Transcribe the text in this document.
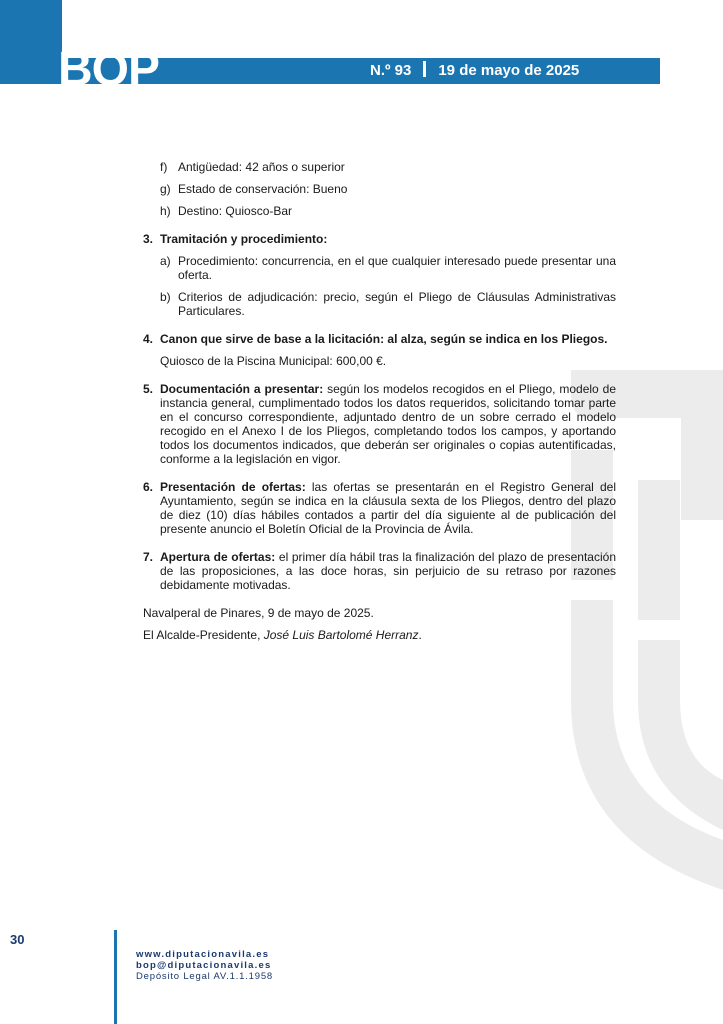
BOP	N.º 93 19 de mayo de 2025
f) Antigüedad: 42 años o superior
g) Estado de conservación: Bueno
h) Destino: Quiosco-Bar
3. Tramitación y procedimiento:
a) Procedimiento: concurrencia, en el que cualquier interesado puede presentar una oferta.
b) Criterios de adjudicación: precio, según el Pliego de Cláusulas Administrativas Particulares.
4. Canon que sirve de base a la licitación: al alza, según se indica en los Pliegos.
Quiosco de la Piscina Municipal: 600,00 €.
5. Documentación a presentar: según los modelos recogidos en el Pliego, modelo de instancia general, cumplimentado todos los datos requeridos, solicitando tomar parte en el concurso correspondiente, adjuntado dentro de un sobre cerrado el modelo recogido en el Anexo I de los Pliegos, completando todos los campos, y aportando todos los documentos indicados, que deberán ser originales o copias autentificadas, conforme a la legislación en vigor.
6. Presentación de ofertas: las ofertas se presentarán en el Registro General del Ayuntamiento, según se indica en la cláusula sexta de los Pliegos, dentro del plazo de diez (10) días hábiles contados a partir del día siguiente al de publicación del presente anuncio el Boletín Oficial de la Provincia de Ávila.
7. Apertura de ofertas: el primer día hábil tras la finalización del plazo de presentación de las proposiciones, a las doce horas, sin perjuicio de su retraso por razones debidamente motivadas.
Navalperal de Pinares, 9 de mayo de 2025.
El Alcalde-Presidente, José Luis Bartolomé Herranz.
30
www.diputacionavila.es
bop@diputacionavila.es
Depósito Legal AV.1.1.1958
